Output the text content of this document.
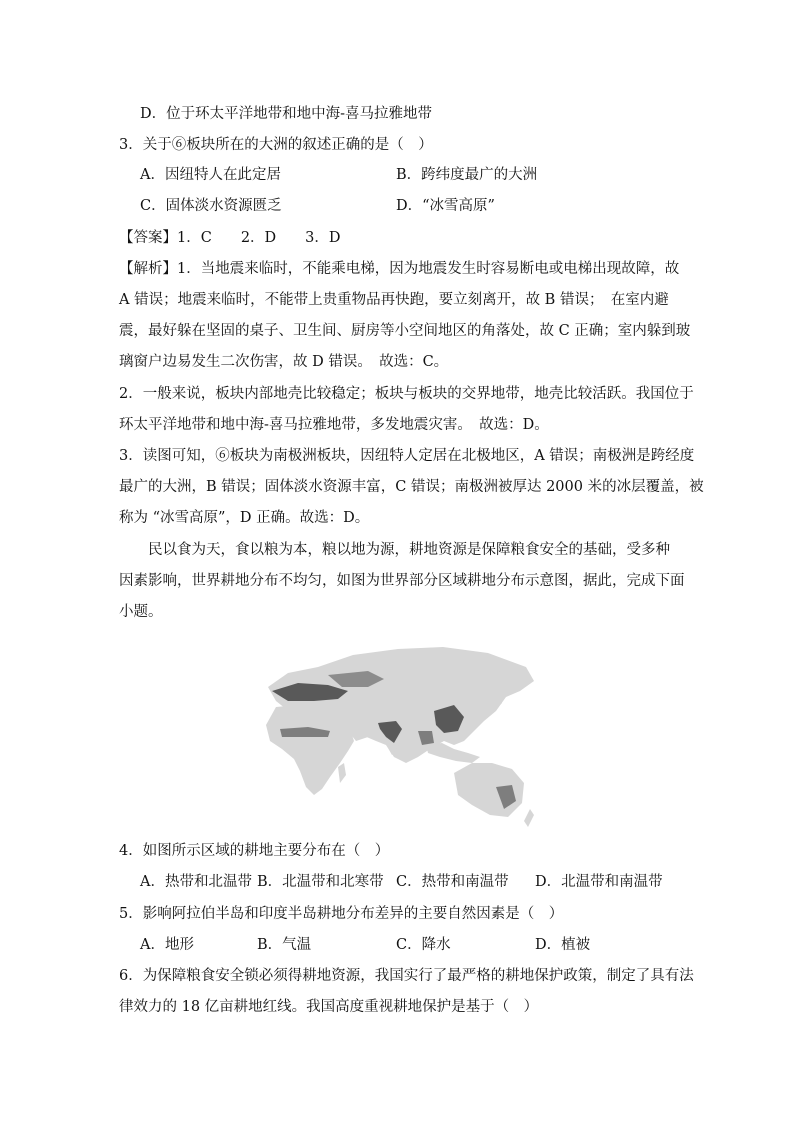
D．位于环太平洋地带和地中海-喜马拉雅地带
3．关于⑥板块所在的大洲的叙述正确的是（　）
A．因纽特人在此定居	B．跨纬度最广的大洲
C．固体淡水资源匮乏	D．“冰雪高原”
【答案】1．C　　2．D　　3．D
【解析】1．当地震来临时，不能乘电梯，因为地震发生时容易断电或电梯出现故障，故
A 错误；地震来临时，不能带上贵重物品再快跑，要立刻离开，故 B 错误；　在室内避
震，最好躲在坚固的桌子、卫生间、厨房等小空间地区的角落处，故 C 正确；室内躲到玻
璃窗户边易发生二次伤害，故 D 错误。　故选：C。
2．一般来说，板块内部地壳比较稳定；板块与板块的交界地带，地壳比较活跃。我国位于
环太平洋地带和地中海-喜马拉雅地带，多发地震灾害。　故选：D。
3．读图可知，⑥板块为南极洲板块，因纽特人定居在北极地区，A 错误；南极洲是跨经度
最广的大洲，B 错误；固体淡水资源丰富，C 错误；南极洲被厚达 2000 米的冰层覆盖，被
称为 “冰雪高原”，D 正确。故选：D。
民以食为天，食以粮为本，粮以地为源，耕地资源是保障粮食安全的基础，受多种
因素影响，世界耕地分布不均匀，如图为世界部分区域耕地分布示意图，据此，完成下面
小题。
4．如图所示区域的耕地主要分布在（　）
A．热带和北温带 B．北温带和北寒带 C．热带和南温带 D．北温带和南温带
5．影响阿拉伯半岛和印度半岛耕地分布差异的主要自然因素是（　）
A．地形	B．气温	C．降水	D．植被
6．为保障粮食安全锁必须得耕地资源，我国实行了最严格的耕地保护政策，制定了具有法
律效力的 18 亿亩耕地红线。我国高度重视耕地保护是基于（　）
